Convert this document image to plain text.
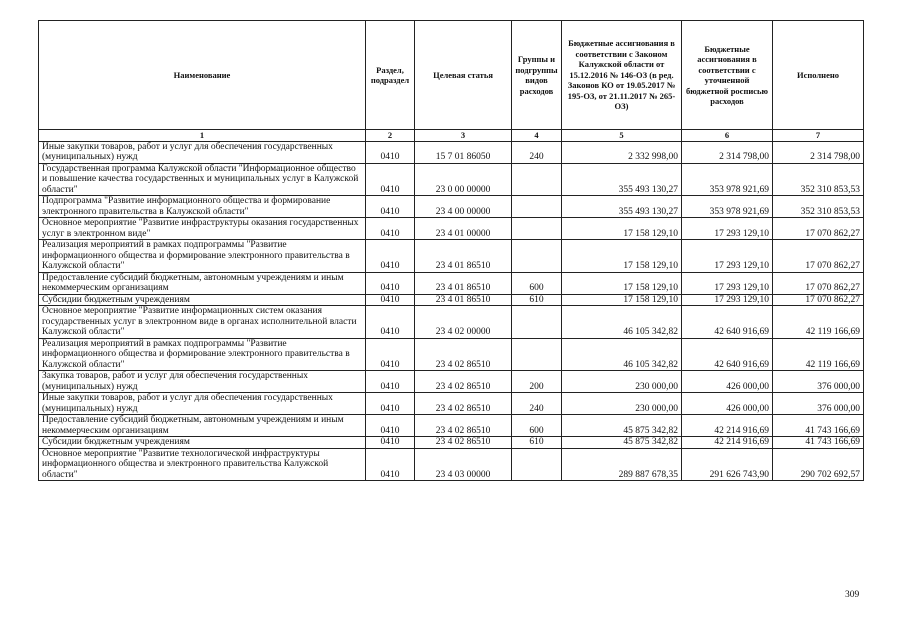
Наименование	Раздел, подраздел	Целевая статья	Группы и подгруппы видов расходов	Бюджетные ассигнования в соответствии с Законом Калужской области от 15.12.2016 № 146-ОЗ (в ред. Законов КО от 19.05.2017 № 195-ОЗ, от 21.11.2017 № 265-ОЗ)	Бюджетные ассигнования в соответствии с уточненной бюджетной росписью расходов	Исполнено
1	2	3	4	5	6	7
Иные закупки товаров, работ и услуг для обеспечения государственных (муниципальных) нужд	0410	15 7 01 86050	240	2 332 998,00	2 314 798,00	2 314 798,00
Государственная программа Калужской области "Информационное общество и повышение качества государственных и муниципальных услуг в Калужской области"	0410	23 0 00 00000		355 493 130,27	353 978 921,69	352 310 853,53
Подпрограмма "Развитие информационного общества и формирование электронного правительства в Калужской области"	0410	23 4 00 00000		355 493 130,27	353 978 921,69	352 310 853,53
Основное мероприятие "Развитие инфраструктуры оказания государственных услуг в электронном виде"	0410	23 4 01 00000		17 158 129,10	17 293 129,10	17 070 862,27
Реализация мероприятий в рамках подпрограммы "Развитие информационного общества и формирование электронного правительства в Калужской области"	0410	23 4 01 86510		17 158 129,10	17 293 129,10	17 070 862,27
Предоставление субсидий бюджетным, автономным учреждениям и иным некоммерческим организациям	0410	23 4 01 86510	600	17 158 129,10	17 293 129,10	17 070 862,27
Субсидии бюджетным учреждениям	0410	23 4 01 86510	610	17 158 129,10	17 293 129,10	17 070 862,27
Основное мероприятие "Развитие информационных систем оказания государственных услуг в электронном виде в органах исполнительной власти Калужской области"	0410	23 4 02 00000		46 105 342,82	42 640 916,69	42 119 166,69
Реализация мероприятий в рамках подпрограммы "Развитие информационного общества и формирование электронного правительства в Калужской области"	0410	23 4 02 86510		46 105 342,82	42 640 916,69	42 119 166,69
Закупка товаров, работ и услуг для обеспечения государственных (муниципальных) нужд	0410	23 4 02 86510	200	230 000,00	426 000,00	376 000,00
Иные закупки товаров, работ и услуг для обеспечения государственных (муниципальных) нужд	0410	23 4 02 86510	240	230 000,00	426 000,00	376 000,00
Предоставление субсидий бюджетным, автономным учреждениям и иным некоммерческим организациям	0410	23 4 02 86510	600	45 875 342,82	42 214 916,69	41 743 166,69
Субсидии бюджетным учреждениям	0410	23 4 02 86510	610	45 875 342,82	42 214 916,69	41 743 166,69
Основное мероприятие "Развитие технологической инфраструктуры информационного общества и электронного правительства Калужской области"	0410	23 4 03 00000		289 887 678,35	291 626 743,90	290 702 692,57
309
